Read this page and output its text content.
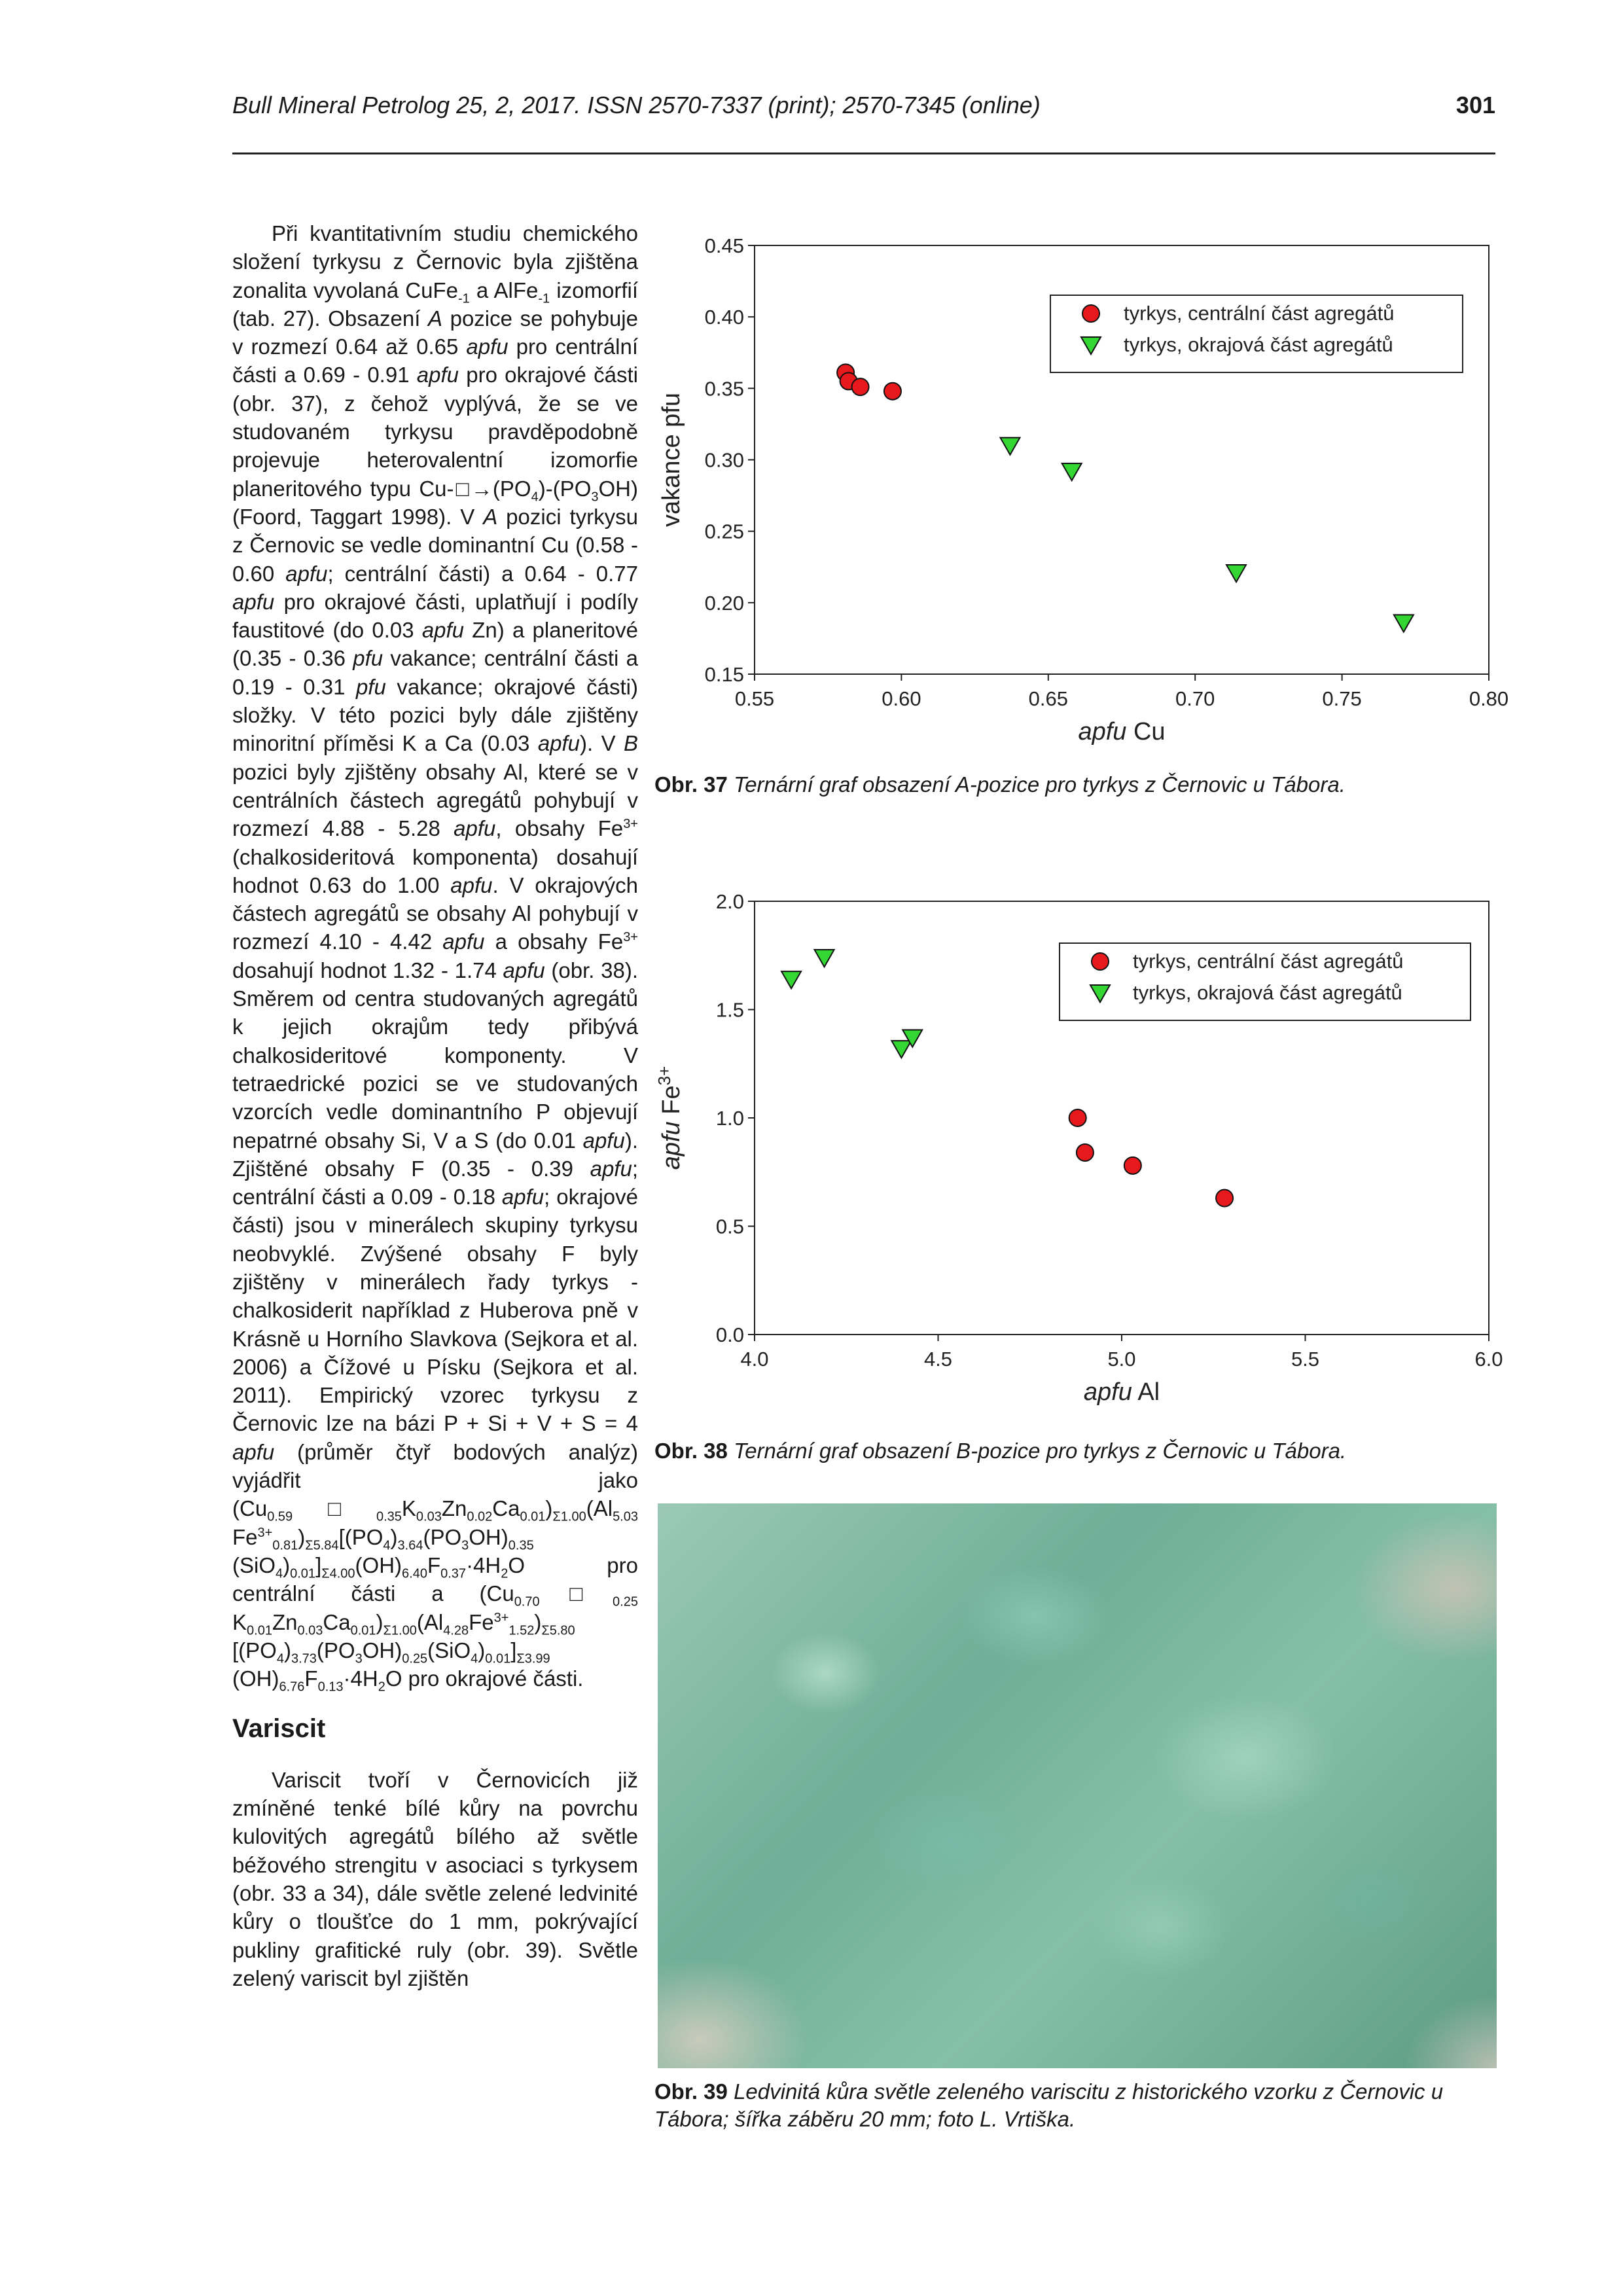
Bull Mineral Petrolog 25, 2, 2017. ISSN 2570-7337 (print); 2570-7345 (online)	301

Při kvantitativním studiu chemického složení tyrkysu z Černovic byla zjištěna zonalita vyvolaná CuFe$_{-1}$ a AlFe$_{-1}$ izomorfií (tab. 27). Obsazení A pozice se pohybuje v rozmezí 0.64 až 0.65 apfu pro centrální části a 0.69 - 0.91 apfu pro okrajové části (obr. 37), z čehož vyplývá, že se ve studovaném tyrkysu pravděpodobně projevuje heterovalentní izomorfie planeritového typu $Cu-□\to(PO_4)-(PO_3OH)$ (Foord, Taggart 1998). V A pozici tyrkysu z Černovic se vedle dominantní Cu (0.58 - 0.60 apfu; centrální části) a 0.64 - 0.77 apfu pro okrajové části, uplatňují i podíly faustitové (do 0.03 apfu Zn) a planeritové (0.35 - 0.36 pfu vakance; centrální části a 0.19 - 0.31 pfu vakance; okrajové části) složky. V této pozici byly dále zjištěny minoritní příměsi K a Ca (0.03 apfu). V B pozici byly zjištěny obsahy Al, které se v centrálních částech agregátů pohybují v rozmezí 4.88 - 5.28 apfu, obsahy $Fe^{3+}$ (chalkosideritová komponenta) dosahují hodnot 0.63 do 1.00 apfu. V okrajových částech agregátů se obsahy Al pohybují v rozmezí 4.10 - 4.42 apfu a obsahy $Fe^{3+}$ dosahují hodnot 1.32 - 1.74 apfu (obr. 38). Směrem od centra studovaných agregátů k jejich okrajům tedy přibývá chalkosideritové komponenty. V tetraedrické pozici se ve studovaných vzorcích vedle dominantního P objevují nepatrné obsahy Si, V a S (do 0.01 apfu). Zjištěné obsahy F (0.35 - 0.39 apfu; centrální části a 0.09 - 0.18 apfu; okrajové části) jsou v minerálech skupiny tyrkysu neobvyklé. Zvýšené obsahy F byly zjištěny v minerálech řady tyrkys - chalkosiderit například z Huberova pně v Krásně u Horního Slavkova (Sejkora et al. 2006) a Čížové u Písku (Sejkora et al. 2011). Empirický vzorec tyrkysu z Černovic lze na bázi P + Si + V + S = 4 apfu (průměr čtyř bodových analýz) vyjádřit jako $(Cu_{0.59}□_{0.35}K_{0.03}Zn_{0.02}Ca_{0.01})_{\Sigma 1.00}(Al_{5.03}$ $Fe^{3+}_{0.81})_{\Sigma 5.84}[(PO_4)_{3.64}(PO_3OH)_{0.35}$ $(SiO_4)_{0.01}]_{\Sigma 4.00}(OH)_{6.40}F_{0.37}\cdot 4H_2O$ pro centrální části a ($Cu_{0.70}□_{0.25}$ $K_{0.01}Zn_{0.03}Ca_{0.01})_{\Sigma 1.00}(Al_{4.28}Fe^{3+}_{1.52})_{\Sigma 5.80}$ $[(PO_4)_{3.73}(PO_3OH)_{0.25}(SiO_4)_{0.01}]_{\Sigma 3.99}$ $(OH)_{6.76}F_{0.13}\cdot 4H_2O$ pro okrajové části.

Variscit

Variscit tvoří v Černovicích již zmíněné tenké bílé kůry na povrchu kulovitých agregátů bílého až světle béžového strengitu v asociaci s tyrkysem (obr. 33 a 34), dále světle zelené ledvinité kůry o tloušťce do 1 mm, pokrývající pukliny grafitické ruly (obr. 39). Světle zelený variscit byl zjištěn

0.15
0.20
0.25
0.30
0.35
0.40
0.45
0.55	0.60	0.65	0.70	0.75	0.80
apfu Cu
vakance pfu
tyrkys, centrální část agregátů
tyrkys, okrajová část agregátů
Obr. 37 Ternární graf obsazení A-pozice pro tyrkys z Černovic u Tábora.
0.0
0.5
1.0
1.5
2.0
4.0	4.5	5.0	5.5	6.0
apfu Al
apfu $Fe^{3+}$
tyrkys, centrální část agregátů
tyrkys, okrajová část agregátů
Obr. 38 Ternární graf obsazení B-pozice pro tyrkys z Černovic u Tábora.
Obr. 39 Ledvinitá kůra světle zeleného variscitu z historického vzorku z Černovic u Tábora; šířka záběru 20 mm; foto L. Vrtiška.
